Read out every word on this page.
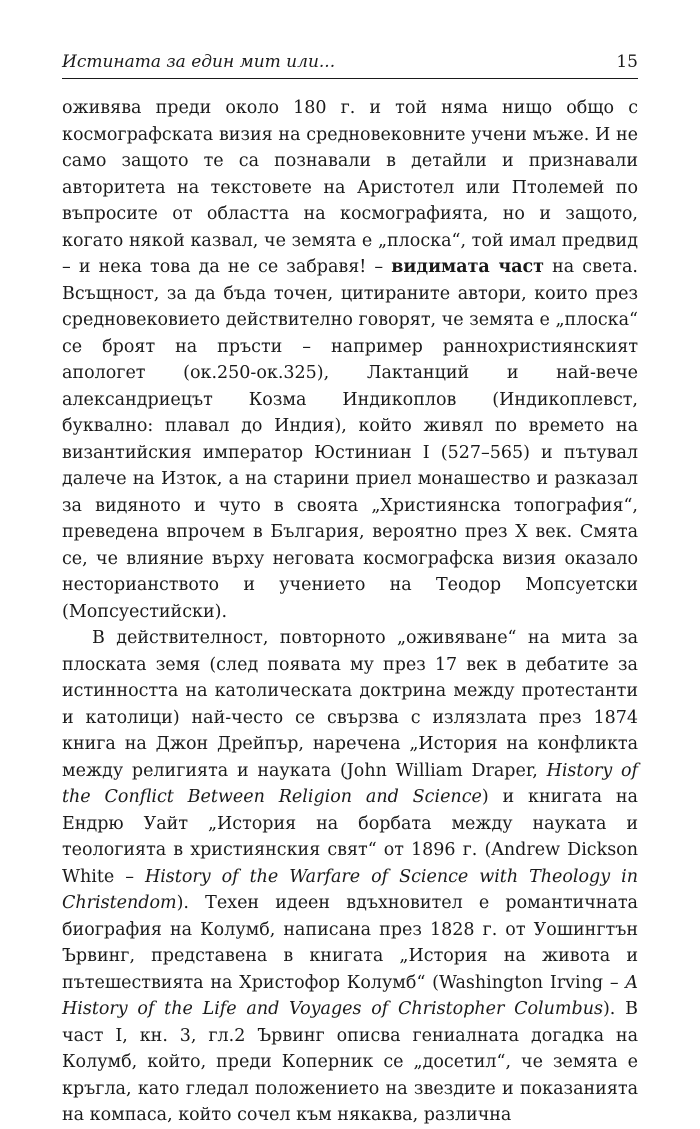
Истината за един мит или...	15

оживява преди около 180 г. и той няма нищо общо с космографската визия на средновековните учени мъже. И не само защото те са познавали в детайли и признавали авторитета на текстовете на Аристотел или Птолемей по въпросите от областта на космографията, но и защото, когато някой казвал, че земята е „плоска“, той имал предвид – и нека това да не се забравя! – видимата част на света. Всъщност, за да бъда точен, цитираните автори, които през средновековието действително говорят, че земята е „плоска“ се броят на пръсти – например раннохристиянският апологет (ок.250-ок.325), Лактанций и най-вече александриецът Козма Индикоплов (Индикоплевст, буквално: плавал до Индия), който живял по времето на византийския император Юстиниан I (527–565) и пътувал далече на Изток, а на старини приел монашество и разказал за видяното и чуто в своята „Християнска топография“, преведена впрочем в България, вероятно през X век. Смята се, че влияние върху неговата космографска визия оказало несторианството и учението на Теодор Мопсуетски (Мопсуестийски).

В действителност, повторното „оживяване“ на мита за плоската земя (след появата му през 17 век в дебатите за истинността на католическата доктрина между протестанти и католици) най-често се свързва с излязлата през 1874 книга на Джон Дрейпър, наречена „История на конфликта между религията и науката (John William Draper, History of the Conflict Between Religion and Science) и книгата на Ендрю Уайт „История на борбата между науката и теологията в християнския свят“ от 1896 г. (Andrew Dickson White – History of the Warfare of Science with Theology in Christendom). Техен идеен вдъхновител е романтичната биография на Колумб, написана през 1828 г. от Уошингтън Ървинг, представена в книгата „История на живота и пътешествията на Христофор Колумб“ (Washington Irving – A History of the Life and Voyages of Christopher Columbus). В част I, кн. 3, гл.2 Ървинг описва гениалната догадка на Колумб, който, преди Коперник се „досетил“, че земята е кръгла, като гледал положението на звездите и показанията на компаса, който сочел към някаква, различна
